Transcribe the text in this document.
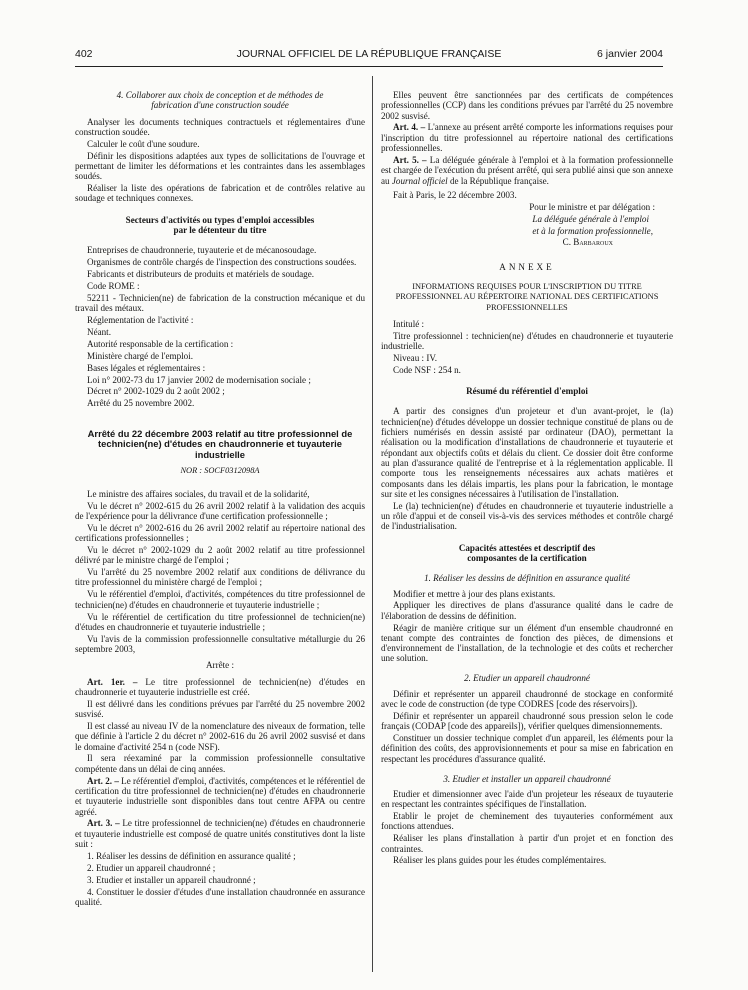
402	JOURNAL OFFICIEL DE LA RÉPUBLIQUE FRANÇAISE	6 janvier 2004

4. Collaborer aux choix de conception et de méthodes de fabrication d'une construction soudée

Analyser les documents techniques contractuels et réglementaires d'une construction soudée.

Calculer le coût d'une soudure.

Définir les dispositions adaptées aux types de sollicitations de l'ouvrage et permettant de limiter les déformations et les contraintes dans les assemblages soudés.

Réaliser la liste des opérations de fabrication et de contrôles relative au soudage et techniques connexes.

Secteurs d'activités ou types d'emploi accessibles par le détenteur du titre

Entreprises de chaudronnerie, tuyauterie et de mécanosoudage.

Organismes de contrôle chargés de l'inspection des constructions soudées.

Fabricants et distributeurs de produits et matériels de soudage.

Code ROME :

52211 - Technicien(ne) de fabrication de la construction mécanique et du travail des métaux.

Réglementation de l'activité :

Néant.

Autorité responsable de la certification :

Ministère chargé de l'emploi.

Bases légales et réglementaires :

Loi n° 2002-73 du 17 janvier 2002 de modernisation sociale ;

Décret n° 2002-1029 du 2 août 2002 ;

Arrêté du 25 novembre 2002.

Arrêté du 22 décembre 2003 relatif au titre professionnel de technicien(ne) d'études en chaudronnerie et tuyauterie industrielle

NOR : SOCF0312098A

Le ministre des affaires sociales, du travail et de la solidarité,

Vu le décret n° 2002-615 du 26 avril 2002 relatif à la validation des acquis de l'expérience pour la délivrance d'une certification professionnelle ;

Vu le décret n° 2002-616 du 26 avril 2002 relatif au répertoire national des certifications professionnelles ;

Vu le décret n° 2002-1029 du 2 août 2002 relatif au titre professionnel délivré par le ministre chargé de l'emploi ;

Vu l'arrêté du 25 novembre 2002 relatif aux conditions de délivrance du titre professionnel du ministère chargé de l'emploi ;

Vu le référentiel d'emploi, d'activités, compétences du titre professionnel de technicien(ne) d'études en chaudronnerie et tuyauterie industrielle ;

Vu le référentiel de certification du titre professionnel de technicien(ne) d'études en chaudronnerie et tuyauterie industrielle ;

Vu l'avis de la commission professionnelle consultative métallurgie du 26 septembre 2003,

Arrête :

Art. 1er. – Le titre professionnel de technicien(ne) d'études en chaudronnerie et tuyauterie industrielle est créé.

Il est délivré dans les conditions prévues par l'arrêté du 25 novembre 2002 susvisé.

Il est classé au niveau IV de la nomenclature des niveaux de formation, telle que définie à l'article 2 du décret n° 2002-616 du 26 avril 2002 susvisé et dans le domaine d'activité 254 n (code NSF).

Il sera réexaminé par la commission professionnelle consultative compétente dans un délai de cinq années.

Art. 2. – Le référentiel d'emploi, d'activités, compétences et le référentiel de certification du titre professionnel de technicien(ne) d'études en chaudronnerie et tuyauterie industrielle sont disponibles dans tout centre AFPA ou centre agréé.

Art. 3. – Le titre professionnel de technicien(ne) d'études en chaudronnerie et tuyauterie industrielle est composé de quatre unités constitutives dont la liste suit :

1. Réaliser les dessins de définition en assurance qualité ;

2. Etudier un appareil chaudronné ;

3. Etudier et installer un appareil chaudronné ;

4. Constituer le dossier d'études d'une installation chaudronnée en assurance qualité.

Elles peuvent être sanctionnées par des certificats de compétences professionnelles (CCP) dans les conditions prévues par l'arrêté du 25 novembre 2002 susvisé.

Art. 4. – L'annexe au présent arrêté comporte les informations requises pour l'inscription du titre professionnel au répertoire national des certifications professionnelles.

Art. 5. – La déléguée générale à l'emploi et à la formation professionnelle est chargée de l'exécution du présent arrêté, qui sera publié ainsi que son annexe au Journal officiel de la République française.

Fait à Paris, le 22 décembre 2003.

Pour le ministre et par délégation :

La déléguée générale à l'emploi

et à la formation professionnelle,

C. Barbaroux

ANNEXE

INFORMATIONS REQUISES POUR L'INSCRIPTION DU TITRE PROFESSIONNEL AU RÉPERTOIRE NATIONAL DES CERTIFICATIONS PROFESSIONNELLES

Intitulé :

Titre professionnel : technicien(ne) d'études en chaudronnerie et tuyauterie industrielle.

Niveau : IV.

Code NSF : 254 n.

Résumé du référentiel d'emploi

A partir des consignes d'un projeteur et d'un avant-projet, le (la) technicien(ne) d'études développe un dossier technique constitué de plans ou de fichiers numérisés en dessin assisté par ordinateur (DAO), permettant la réalisation ou la modification d'installations de chaudronnerie et tuyauterie et répondant aux objectifs coûts et délais du client. Ce dossier doit être conforme au plan d'assurance qualité de l'entreprise et à la réglementation applicable. Il comporte tous les renseignements nécessaires aux achats matières et composants dans les délais impartis, les plans pour la fabrication, le montage sur site et les consignes nécessaires à l'utilisation de l'installation.

Le (la) technicien(ne) d'études en chaudronnerie et tuyauterie industrielle a un rôle d'appui et de conseil vis-à-vis des services méthodes et contrôle chargé de l'industrialisation.

Capacités attestées et descriptif des composantes de la certification

1. Réaliser les dessins de définition en assurance qualité

Modifier et mettre à jour des plans existants.

Appliquer les directives de plans d'assurance qualité dans le cadre de l'élaboration de dessins de définition.

Réagir de manière critique sur un élément d'un ensemble chaudronné en tenant compte des contraintes de fonction des pièces, de dimensions et d'environnement de l'installation, de la technologie et des coûts et rechercher une solution.

2. Etudier un appareil chaudronné

Définir et représenter un appareil chaudronné de stockage en conformité avec le code de construction (de type CODRES [code des réservoirs]).

Définir et représenter un appareil chaudronné sous pression selon le code français (CODAP [code des appareils]), vérifier quelques dimensionnements.

Constituer un dossier technique complet d'un appareil, les éléments pour la définition des coûts, des approvisionnements et pour sa mise en fabrication en respectant les procédures d'assurance qualité.

3. Etudier et installer un appareil chaudronné

Etudier et dimensionner avec l'aide d'un projeteur les réseaux de tuyauterie en respectant les contraintes spécifiques de l'installation.

Etablir le projet de cheminement des tuyauteries conformément aux fonctions attendues.

Réaliser les plans d'installation à partir d'un projet et en fonction des contraintes.

Réaliser les plans guides pour les études complémentaires.
